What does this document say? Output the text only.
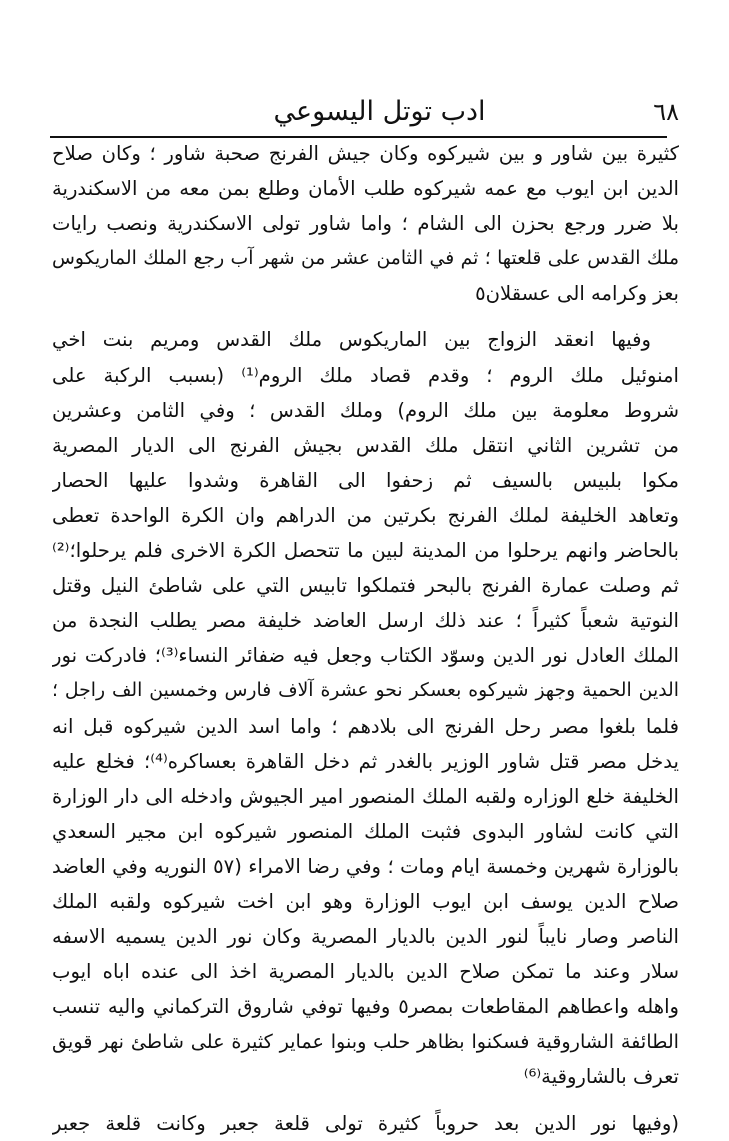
٦٨
ادب توتل اليسوعي
كثيرة بين شاور و بين شيركوه وكان جيش الفرنج صحبة شاور ؛ وكان صلاح
الدين ابن ايوب مع عمه شيركوه طلب الأمان وطلع بمن معه من الاسكندرية
بلا ضرر ورجع بحزن الى الشام ؛ واما شاور تولى الاسكندرية ونصب رايات
ملك القدس على قلعتها ؛ ثم في الثامن عشر من شهر آب رجع الملك الماريكوس
بعز وكرامه الى عسقلان٥
وفيها انعقد الزواج بين الماريكوس ملك القدس ومريم بنت اخي
امنوئيل ملك الروم ؛ وقدم قصاد ملك الروم⁽¹⁾ (بسبب الركبة على
شروط معلومة بين ملك الروم) وملك القدس ؛ وفي الثامن وعشرين
من تشرين الثاني انتقل ملك القدس بجيش الفرنج الى الديار المصرية
مكوا بلبيس بالسيف ثم زحفوا الى القاهرة وشدوا عليها الحصار
وتعاهد الخليفة لملك الفرنج بكرتين من الدراهم وان الكرة الواحدة تعطى
بالحاضر وانهم يرحلوا من المدينة لبين ما تتحصل الكرة الاخرى فلم يرحلوا؛⁽²⁾
ثم وصلت عمارة الفرنج بالبحر فتملكوا تابيس التي على شاطئ النيل وقتل
النوتية شعباً كثيراً ؛ عند ذلك ارسل العاضد خليفة مصر يطلب النجدة من
الملك العادل نور الدين وسوّد الكتاب وجعل فيه ضفائر النساء⁽³⁾؛ فادركت نور
الدين الحمية وجهز شيركوه بعسكر نحو عشرة آلاف فارس وخمسين الف راجل ؛
فلما بلغوا مصر رحل الفرنج الى بلادهم ؛ واما اسد الدين شيركوه قبل انه
يدخل مصر قتل شاور الوزير بالغدر ثم دخل القاهرة بعساكره⁽⁴⁾؛ فخلع عليه
الخليفة خلع الوزاره ولقبه الملك المنصور امير الجيوش وادخله الى دار الوزارة
التي كانت لشاور البدوى فثبت الملك المنصور شيركوه ابن مجير السعدي
بالوزارة شهرين وخمسة ايام ومات ؛ وفي رضا الامراء (٥٧ النوريه وفي العاضد
صلاح الدين يوسف ابن ايوب الوزارة وهو ابن اخت شيركوه ولقبه الملك
الناصر وصار نايباً لنور الدين بالديار المصرية وكان نور الدين يسميه الاسفه
سلار وعند ما تمكن صلاح الدين بالديار المصرية اخذ الى عنده اباه ايوب
واهله واعطاهم المقاطعات بمصر٥ وفيها توفي شاروق التركماني واليه تنسب
الطائفة الشاروقية فسكنوا بظاهر حلب وبنوا عماير كثيرة على شاطئ نهر قويق
تعرف بالشاروقية⁽⁶⁾
(وفيها نور الدين بعد حروباً كثيرة تولى قلعة جعبر وكانت قلعة جعبر
